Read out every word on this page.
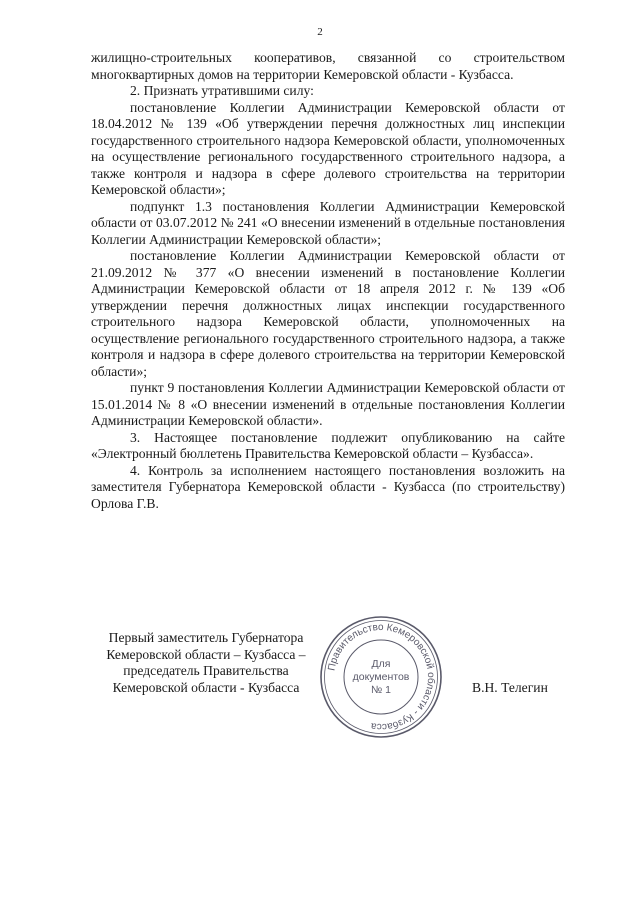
2

жилищно-строительных кооперативов, связанной со строительством многоквартирных домов на территории Кемеровской области - Кузбасса.

2. Признать утратившими силу:

постановление Коллегии Администрации Кемеровской области от 18.04.2012 № 139 «Об утверждении перечня должностных лиц инспекции государственного строительного надзора Кемеровской области, уполномоченных на осуществление регионального государственного строительного надзора, а также контроля и надзора в сфере долевого строительства на территории Кемеровской области»;

подпункт 1.3 постановления Коллегии Администрации Кемеровской области от 03.07.2012 № 241 «О внесении изменений в отдельные постановления Коллегии Администрации Кемеровской области»;

постановление Коллегии Администрации Кемеровской области от 21.09.2012 № 377 «О внесении изменений в постановление Коллегии Администрации Кемеровской области от 18 апреля 2012 г. № 139 «Об утверждении перечня должностных лицах инспекции государственного строительного надзора Кемеровской области, уполномоченных на осуществление регионального государственного строительного надзора, а также контроля и надзора в сфере долевого строительства на территории Кемеровской области»;

пункт 9 постановления Коллегии Администрации Кемеровской области от 15.01.2014 № 8 «О внесении изменений в отдельные постановления Коллегии Администрации Кемеровской области».

3. Настоящее постановление подлежит опубликованию на сайте «Электронный бюллетень Правительства Кемеровской области – Кузбасса».

4. Контроль за исполнением настоящего постановления возложить на заместителя Губернатора Кемеровской области - Кузбасса (по строительству) Орлова Г.В.

Первый заместитель Губернатора
Кемеровской области – Кузбасса –
председатель Правительства
Кемеровской области - Кузбасса
Правительство Кемеровской области - Кузбасса
Для
документов
№ 1	В.Н. Телегин
